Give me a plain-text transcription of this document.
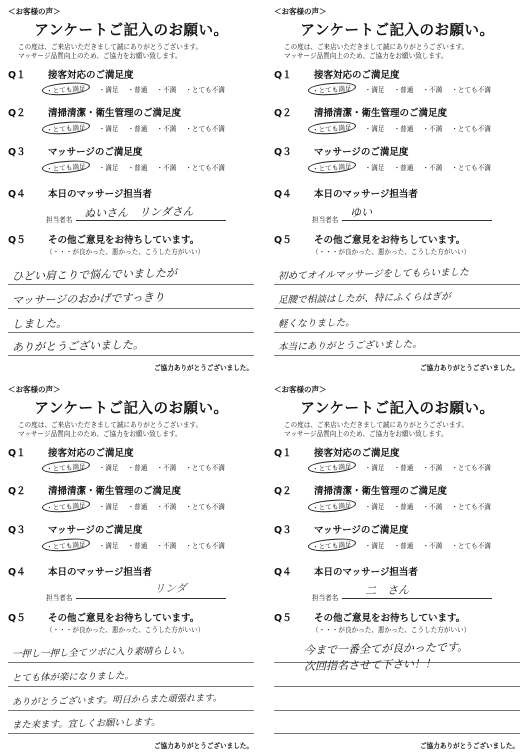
＜お客様の声＞
アンケートご記入のお願い。
この度は、ご来店いただきまして誠にありがとうございます。
マッサージ品質向上のため、ご協力をお願い致します。
Q１ 接客対応のご満足度
・とても満足 ・満足 ・普通 ・不満 ・とても不満
Q２ 清掃清潔・衛生管理のご満足度
・とても満足 ・満足 ・普通 ・不満 ・とても不満
Q３ マッサージのご満足度
・とても満足 ・満足 ・普通 ・不満 ・とても不満
Q４ 本日のマッサージ担当者
担当者名
ぬいさん　リンダさん
Q５ その他ご意見をお待ちしています。
（・・・が良かった、悪かった、こうした方がいい）
ひどい肩こりで悩んでいましたが
マッサージのおかげですっきり
しました。
ありがとうございました。
ご協力ありがとうございました。
＜お客様の声＞
アンケートご記入のお願い。
この度は、ご来店いただきまして誠にありがとうございます。
マッサージ品質向上のため、ご協力をお願い致します。
Q１ 接客対応のご満足度
・とても満足 ・満足 ・普通 ・不満 ・とても不満
Q２ 清掃清潔・衛生管理のご満足度
・とても満足 ・満足 ・普通 ・不満 ・とても不満
Q３ マッサージのご満足度
・とても満足 ・満足 ・普通 ・不満 ・とても不満
Q４ 本日のマッサージ担当者
担当者名
ゆい
Q５ その他ご意見をお待ちしています。
（・・・が良かった、悪かった、こうした方がいい）
初めてオイルマッサージをしてもらいました
足腰で相談はしたが、特にふくらはぎが
軽くなりました。
本当にありがとうございました。
ご協力ありがとうございました。
＜お客様の声＞
アンケートご記入のお願い。
この度は、ご来店いただきまして誠にありがとうございます。
マッサージ品質向上のため、ご協力をお願い致します。
Q１ 接客対応のご満足度
・とても満足 ・満足 ・普通 ・不満 ・とても不満
Q２ 清掃清潔・衛生管理のご満足度
・とても満足 ・満足 ・普通 ・不満 ・とても不満
Q３ マッサージのご満足度
・とても満足 ・満足 ・普通 ・不満 ・とても不満
Q４ 本日のマッサージ担当者
担当者名
リンダ
Q５ その他ご意見をお待ちしています。
（・・・が良かった、悪かった、こうした方がいい）
一押し一押し全てツボに入り素晴らしい。
とても体が楽になりました。
ありがとうございます。明日からまた頑張れます。
また来ます。宜しくお願いします。
ご協力ありがとうございました。
＜お客様の声＞
アンケートご記入のお願い。
この度は、ご来店いただきまして誠にありがとうございます。
マッサージ品質向上のため、ご協力をお願い致します。
Q１ 接客対応のご満足度
・とても満足 ・満足 ・普通 ・不満 ・とても不満
Q２ 清掃清潔・衛生管理のご満足度
・とても満足 ・満足 ・普通 ・不満 ・とても不満
Q３ マッサージのご満足度
・とても満足 ・満足 ・普通 ・不満 ・とても不満
Q４ 本日のマッサージ担当者
担当者名
二　さん
Q５ その他ご意見をお待ちしています。
（・・・が良かった、悪かった、こうした方がいい）
今まで一番全てが良かったです。
次回指名させて下さい！！
ご協力ありがとうございました。
